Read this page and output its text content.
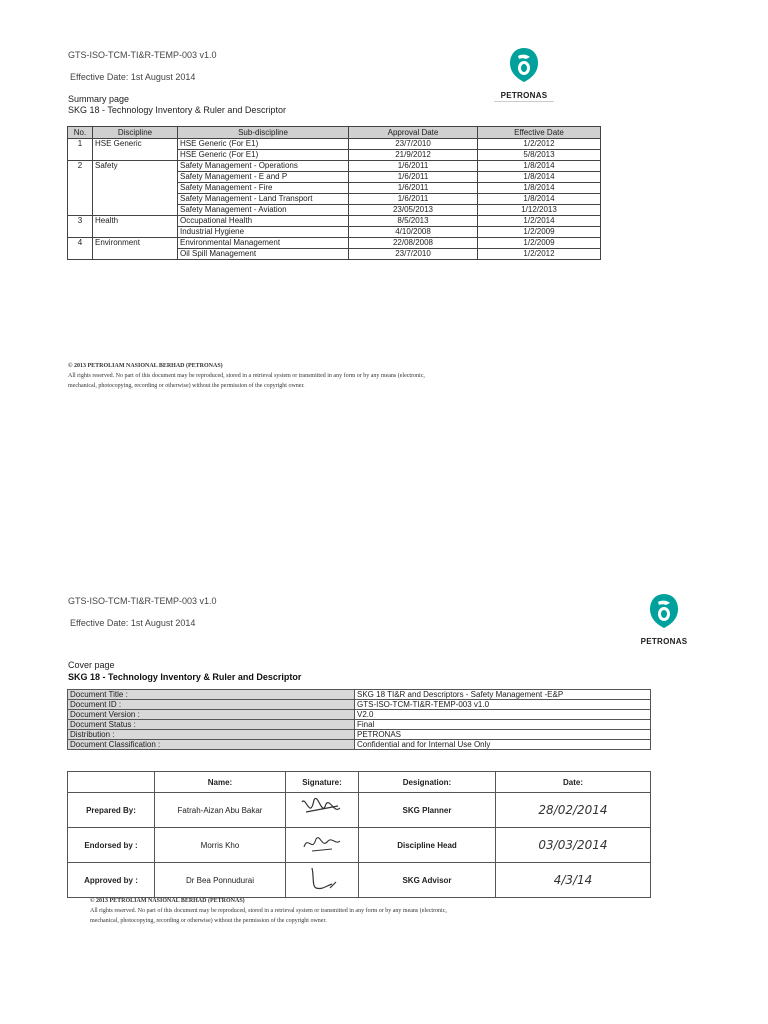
GTS-ISO-TCM-TI&R-TEMP-003 v1.0
Effective Date: 1st August 2014
Summary page
SKG 18 - Technology Inventory & Ruler and Descriptor
PETRONAS
No.	Discipline	Sub-discipline	Approval Date	Effective Date
1	HSE Generic	HSE Generic (For E1)	23/7/2010	1/2/2012
		HSE Generic (For E1)	21/9/2012	5/8/2013
2	Safety	Safety Management - Operations	1/6/2011	1/8/2014
		Safety Management - E and P	1/6/2011	1/8/2014
		Safety Management - Fire	1/6/2011	1/8/2014
		Safety Management - Land Transport	1/6/2011	1/8/2014
		Safety Management - Aviation	23/05/2013	1/12/2013
3	Health	Occupational Health	8/5/2013	1/2/2014
		Industrial Hygiene	4/10/2008	1/2/2009
4	Environment	Environmental Management	22/08/2008	1/2/2009
		Oil Spill Management	23/7/2010	1/2/2012
© 2013 PETROLIAM NASIONAL BERHAD (PETRONAS)
All rights reserved. No part of this document may be reproduced, stored in a retrieval system or transmitted in any form or by any means (electronic,
mechanical, photocopying, recording or otherwise) without the permission of the copyright owner.
GTS-ISO-TCM-TI&R-TEMP-003 v1.0
Effective Date: 1st August 2014
Cover page
SKG 18 - Technology Inventory & Ruler and Descriptor
PETRONAS
Document Title :	SKG 18 TI&R and Descriptors - Safety Management -E&P
Document ID :	GTS-ISO-TCM-TI&R-TEMP-003 v1.0
Document Version :	V2.0
Document Status :	Final
Distribution :	PETRONAS
Document Classification :	Confidential and for Internal Use Only
	Name:	Signature:	Designation:	Date:
Prepared By:	Fatrah-Aizan Abu Bakar		SKG Planner	28/02/2014
Endorsed by :	Morris Kho		Discipline Head	03/03/2014
Approved by :	Dr Bea Ponnudurai		SKG Advisor	4/3/14
© 2013 PETROLIAM NASIONAL BERHAD (PETRONAS)
All rights reserved. No part of this document may be reproduced, stored in a retrieval system or transmitted in any form or by any means (electronic,
mechanical, photocopying, recording or otherwise) without the permission of the copyright owner.
